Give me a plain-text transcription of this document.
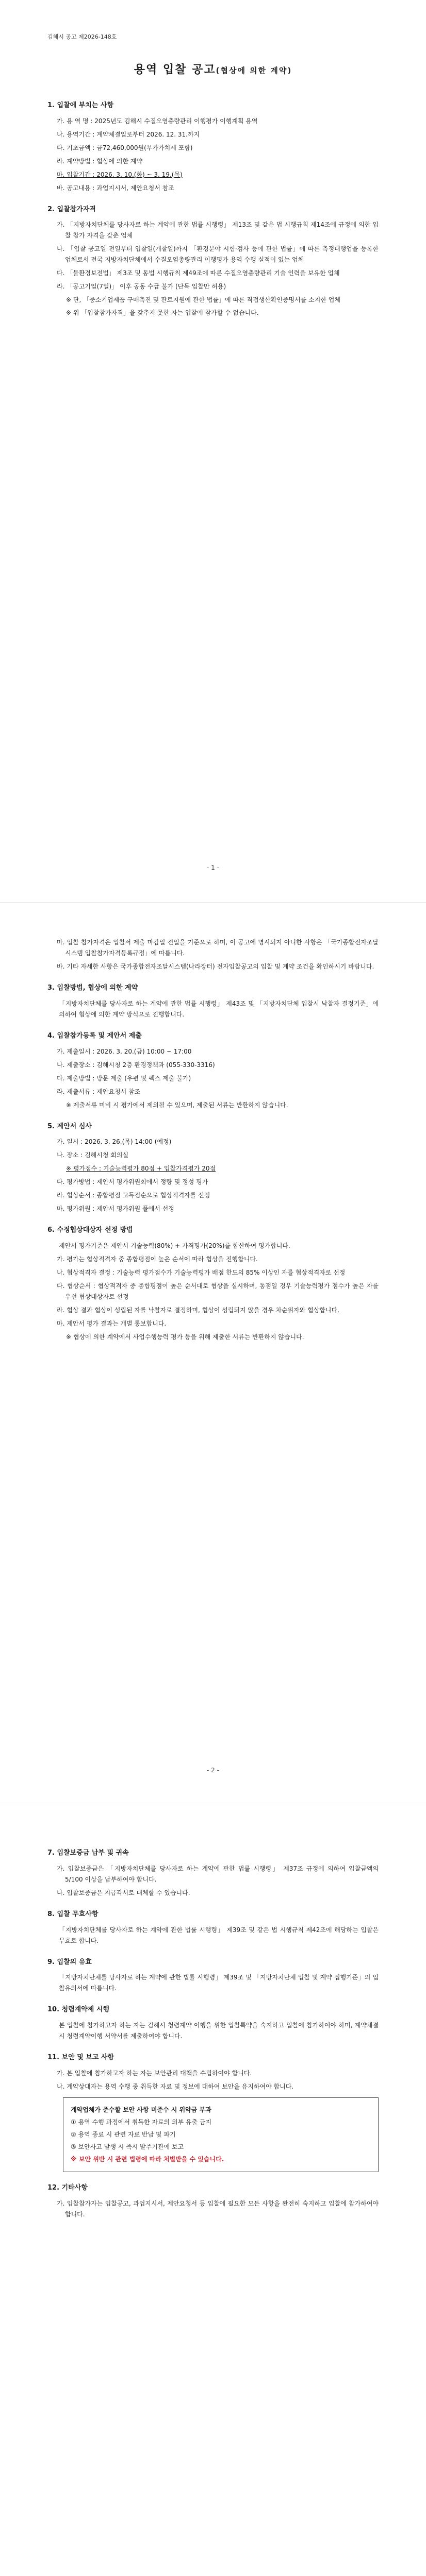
김해시 공고 제2026-148호
용역 입찰 공고(협상에 의한 계약)
1. 입찰에 부치는 사항
가. 용 역 명 : 2025년도 김해시 수질오염총량관리 이행평가 이행계획 용역
나. 용역기간 : 계약체결일로부터 2026. 12. 31.까지
다. 기초금액 : 금72,460,000원(부가가치세 포함)
라. 계약방법 : 협상에 의한 계약
마. 입찰기간 : 2026. 3. 10.(화) ~ 3. 19.(목)
바. 공고내용 : 과업지시서, 제안요청서 참조
2. 입찰참가자격
가. 「지방자치단체를 당사자로 하는 계약에 관한 법률 시행령」 제13조 및 같은 법 시행규칙 제14조에 규정에 의한 입찰 참가 자격을 갖춘 업체
나. 「입찰 공고일 전일부터 입찰일(개찰일)까지 「환경분야 시험·검사 등에 관한 법률」에 따른 측정대행업을 등록한 업체로서 전국 지방자치단체에서 수질오염총량관리 이행평가 용역 수행 실적이 있는 업체
다. 「물환경보전법」 제3조 및 동법 시행규칙 제49조에 따른 수질오염총량관리 기술 인력을 보유한 업체
라. 「공고기일(7일)」 이후 공동 수급 불가 (단독 입찰만 허용)
※ 단, 「중소기업제품 구매촉진 및 판로지원에 관한 법률」에 따른 직접생산확인증명서를 소지한 업체
※ 위 「입찰참가자격」을 갖추지 못한 자는 입찰에 참가할 수 없습니다.
- 1 -
마. 입찰 참가자격은 입찰서 제출 마감일 전일을 기준으로 하며, 이 공고에 명시되지 아니한 사항은 「국가종합전자조달시스템 입찰참가자격등록규정」에 따릅니다.
바. 기타 자세한 사항은 국가종합전자조달시스템(나라장터) 전자입찰공고의 입찰 및 계약 조건을 확인하시기 바랍니다.
3. 입찰방법, 협상에 의한 계약
「지방자치단체를 당사자로 하는 계약에 관한 법률 시행령」 제43조 및 「지방자치단체 입찰시 낙찰자 결정기준」에 의하여 협상에 의한 계약 방식으로 진행합니다.
4. 입찰참가등록 및 제안서 제출
가. 제출일시 : 2026. 3. 20.(금) 10:00 ~ 17:00
나. 제출장소 : 김해시청 2층 환경정책과 (055-330-3316)
다. 제출방법 : 방문 제출 (우편 및 팩스 제출 불가)
라. 제출서류 : 제안요청서 참조
※ 제출서류 미비 시 평가에서 제외될 수 있으며, 제출된 서류는 반환하지 않습니다.
5. 제안서 심사
가. 일시 : 2026. 3. 26.(목) 14:00 (예정)
나. 장소 : 김해시청 회의실
※ 평가점수 : 기술능력평가 80점 + 입찰가격평가 20점
다. 평가방법 : 제안서 평가위원회에서 정량 및 정성 평가
라. 협상순서 : 종합평점 고득점순으로 협상적격자를 선정
마. 평가위원 : 제안서 평가위원 풀에서 선정
6. 수정협상대상자 선정 방법
제안서 평가기준은 제안서 기술능력(80%) + 가격평가(20%)를 합산하여 평가합니다.
가. 평가는 협상적격자 중 종합평점이 높은 순서에 따라 협상을 진행합니다.
나. 협상적격자 결정 : 기술능력 평가점수가 기술능력평가 배점 한도의 85% 이상인 자를 협상적격자로 선정
다. 협상순서 : 협상적격자 중 종합평점이 높은 순서대로 협상을 실시하며, 동점일 경우 기술능력평가 점수가 높은 자를 우선 협상대상자로 선정
라. 협상 결과 협상이 성립된 자를 낙찰자로 결정하며, 협상이 성립되지 않을 경우 차순위자와 협상합니다.
마. 제안서 평가 결과는 개별 통보합니다.
※ 협상에 의한 계약에서 사업수행능력 평가 등을 위해 제출한 서류는 반환하지 않습니다.
- 2 -
7. 입찰보증금 납부 및 귀속
가. 입찰보증금은 「지방자치단체를 당사자로 하는 계약에 관한 법률 시행령」 제37조 규정에 의하여 입찰금액의 5/100 이상을 납부하여야 합니다.
나. 입찰보증금은 지급각서로 대체할 수 있습니다.
8. 입찰 무효사항
「지방자치단체를 당사자로 하는 계약에 관한 법률 시행령」 제39조 및 같은 법 시행규칙 제42조에 해당하는 입찰은 무효로 합니다.
9. 입찰의 유효
「지방자치단체를 당사자로 하는 계약에 관한 법률 시행령」 제39조 및 「지방자치단체 입찰 및 계약 집행기준」의 입찰유의서에 따릅니다.
10. 청렴계약제 시행
본 입찰에 참가하고자 하는 자는 김해시 청렴계약 이행을 위한 입찰특약을 숙지하고 입찰에 참가하여야 하며, 계약체결 시 청렴계약이행 서약서를 제출하여야 합니다.
11. 보안 및 보고 사항
가. 본 입찰에 참가하고자 하는 자는 보안관리 대책을 수립하여야 합니다.
나. 계약상대자는 용역 수행 중 취득한 자료 및 정보에 대하여 보안을 유지하여야 합니다.
계약업체가 준수할 보안 사항 미준수 시 위약금 부과
① 용역 수행 과정에서 취득한 자료의 외부 유출 금지
② 용역 종료 시 관련 자료 반납 및 파기
③ 보안사고 발생 시 즉시 발주기관에 보고
※ 보안 위반 시 관련 법령에 따라 처벌받을 수 있습니다.
12. 기타사항
가. 입찰참가자는 입찰공고, 과업지시서, 제안요청서 등 입찰에 필요한 모든 사항을 완전히 숙지하고 입찰에 참가하여야 합니다.
